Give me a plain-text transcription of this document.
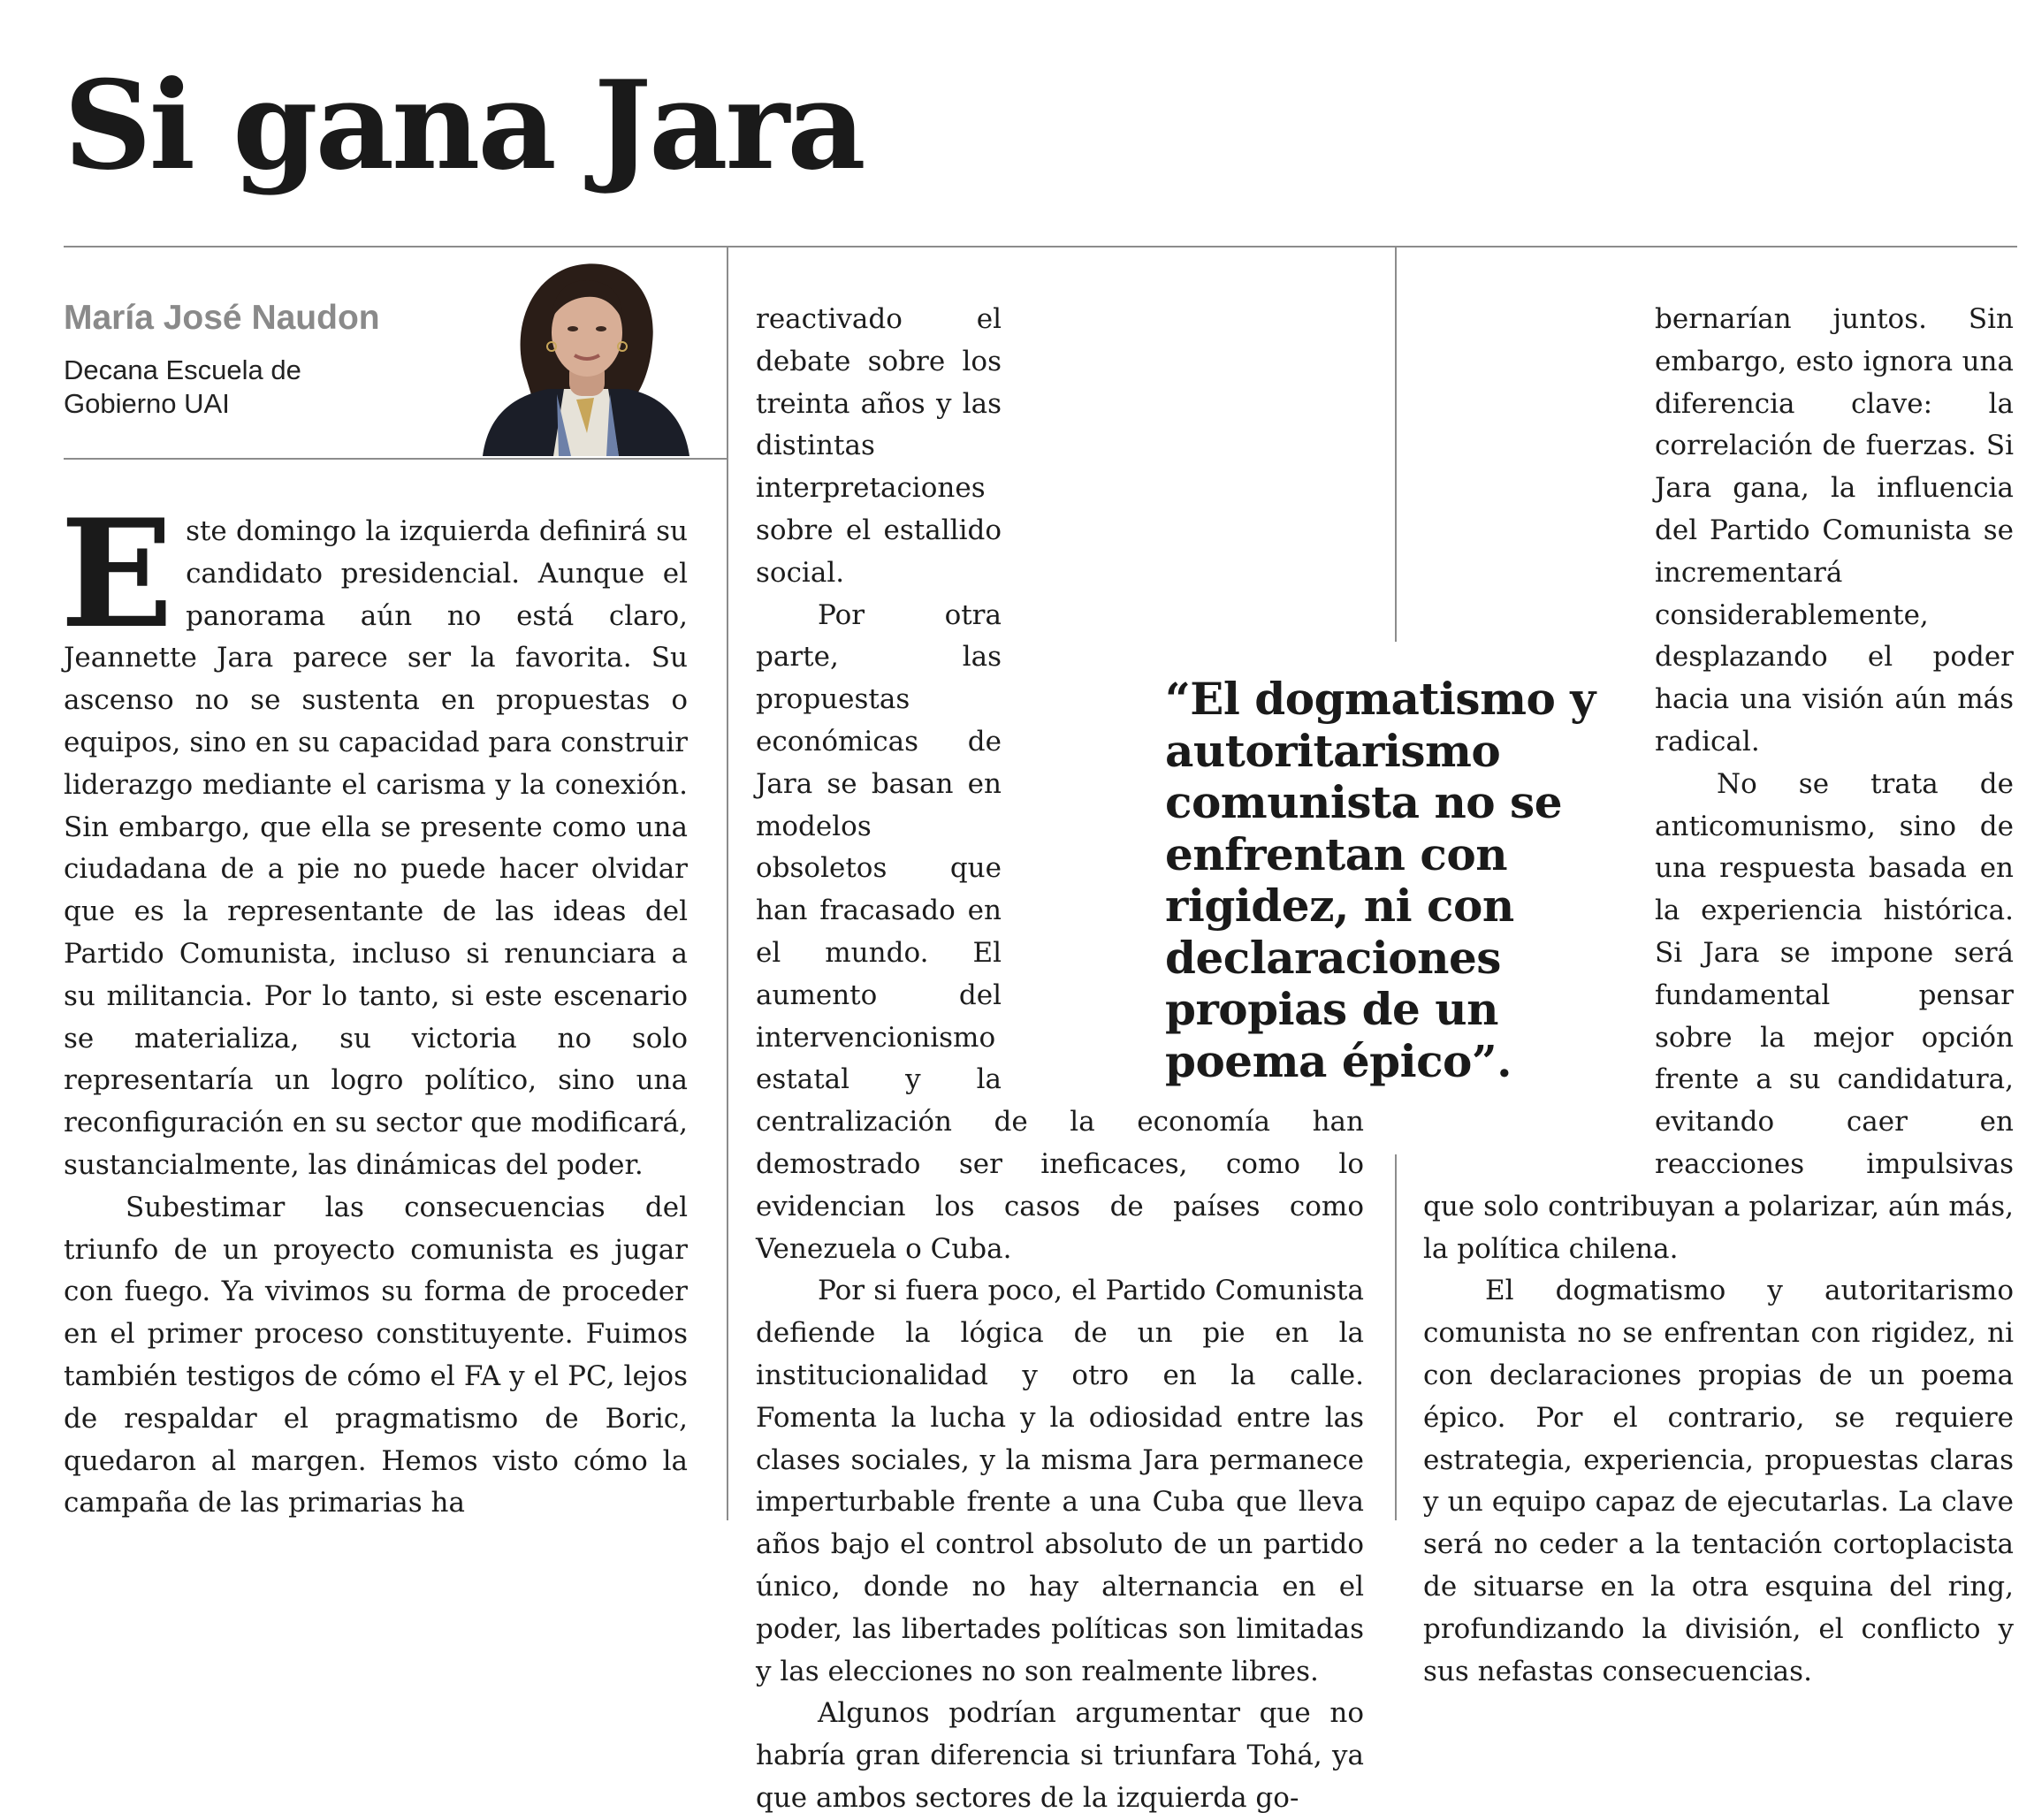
Si gana Jara
María José Naudon
Decana Escuela de Gobierno UAI

Este domingo la izquierda definirá su candidato presidencial. Aunque el panorama aún no está claro, Jeannette Jara parece ser la favorita. Su ascenso no se sustenta en propuestas o equipos, sino en su capacidad para construir liderazgo mediante el carisma y la conexión. Sin embargo, que ella se presente como una ciudadana de a pie no puede hacer olvidar que es la representante de las ideas del Partido Comunista, incluso si renunciara a su militancia. Por lo tanto, si este escenario se materializa, su victoria no solo representaría un logro político, sino una reconfiguración en su sector que modificará, sustancialmente, las dinámicas del poder.

Subestimar las consecuencias del triunfo de un proyecto comunista es jugar con fuego. Ya vivimos su forma de proceder en el primer proceso constituyente. Fuimos también testigos de cómo el FA y el PC, lejos de respaldar el pragmatismo de Boric, quedaron al margen. Hemos visto cómo la campaña de las primarias ha

reactivado el debate sobre los treinta años y las distintas interpretaciones sobre el estallido social.

Por otra parte, las propuestas económicas de Jara se basan en modelos obsoletos que han fracasado en el mundo. El aumento del intervencionismo estatal y la centralización de la economía han demostrado ser ineficaces, como lo evidencian los casos de países como Venezuela o Cuba.

Por si fuera poco, el Partido Comunista defiende la lógica de un pie en la institucionalidad y otro en la calle. Fomenta la lucha y la odiosidad entre las clases sociales, y la misma Jara permanece imperturbable frente a una Cuba que lleva años bajo el control absoluto de un partido único, donde no hay alternancia en el poder, las libertades políticas son limitadas y las elecciones no son realmente libres.

Algunos podrían argumentar que no habría gran diferencia si triunfara Tohá, ya que ambos sectores de la izquierda go-

bernarían juntos. Sin embargo, esto ignora una diferencia clave: la correlación de fuerzas. Si Jara gana, la influencia del Partido Comunista se incrementará considerablemente, desplazando el poder hacia una visión aún más radical.

No se trata de anticomunismo, sino de una respuesta basada en la experiencia histórica. Si Jara se impone será fundamental pensar sobre la mejor opción frente a su candidatura, evitando caer en reacciones impulsivas que solo contribuyan a polarizar, aún más, la política chilena.

El dogmatismo y autoritarismo comunista no se enfrentan con rigidez, ni con declaraciones propias de un poema épico. Por el contrario, se requiere estrategia, experiencia, propuestas claras y un equipo capaz de ejecutarlas. La clave será no ceder a la tentación cortoplacista de situarse en la otra esquina del ring, profundizando la división, el conflicto y sus nefastas consecuencias.

“El dogmatismo y autoritarismo comunista no se enfrentan con rigidez, ni con declaraciones propias de un poema épico”.
